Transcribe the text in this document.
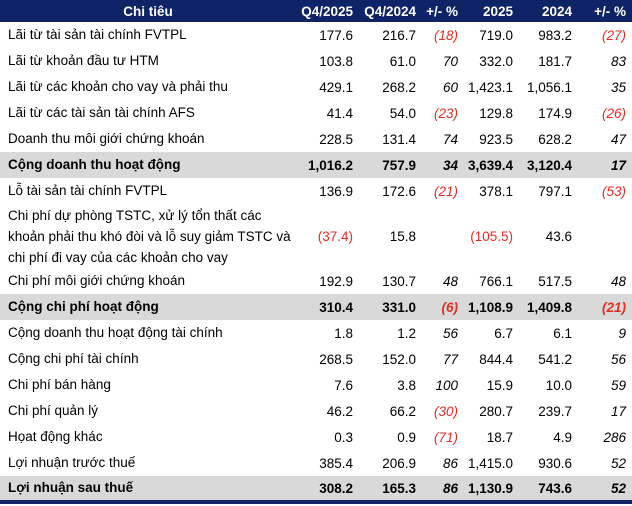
Chi tiêu	Q4/2025	Q4/2024	+/- %	2025	2024	+/- %
Lãi từ tài sản tài chính FVTPL	177.6	216.7	(18)	719.0	983.2	(27)
Lãi từ khoản đầu tư HTM	103.8	61.0	70	332.0	181.7	83
Lãi từ các khoản cho vay và phải thu	429.1	268.2	60	1,423.1	1,056.1	35
Lãi từ các tài sản tài chính AFS	41.4	54.0	(23)	129.8	174.9	(26)
Doanh thu môi giới chứng khoán	228.5	131.4	74	923.5	628.2	47
Cộng doanh thu hoạt động	1,016.2	757.9	34	3,639.4	3,120.4	17
Lỗ tài sản tài chính FVTPL	136.9	172.6	(21)	378.1	797.1	(53)
Chi phí dự phòng TSTC, xử lý tổn thất các khoản phải thu khó đòi và lỗ suy giảm TSTC và chi phí đi vay của các khoản cho vay	(37.4)	15.8		(105.5)	43.6	
Chi phí môi giới chứng khoán	192.9	130.7	48	766.1	517.5	48
Cộng chi phí hoạt động	310.4	331.0	(6)	1,108.9	1,409.8	(21)
Cộng doanh thu hoạt động tài chính	1.8	1.2	56	6.7	6.1	9
Cộng chi phí tài chính	268.5	152.0	77	844.4	541.2	56
Chi phí bán hàng	7.6	3.8	100	15.9	10.0	59
Chi phí quản lý	46.2	66.2	(30)	280.7	239.7	17
Họat động khác	0.3	0.9	(71)	18.7	4.9	286
Lợi nhuận trước thuế	385.4	206.9	86	1,415.0	930.6	52
Lợi nhuận sau thuế	308.2	165.3	86	1,130.9	743.6	52
